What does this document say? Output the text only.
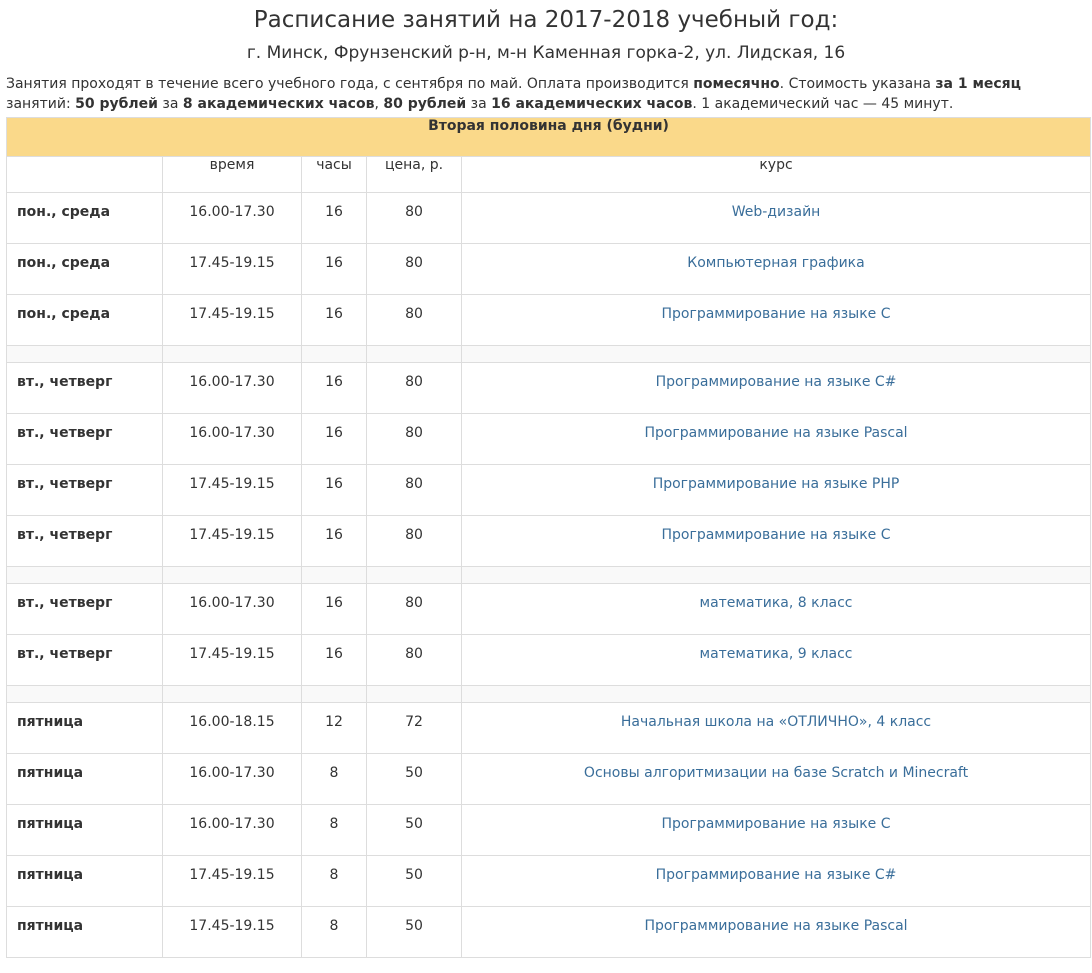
Расписание занятий на 2017-2018 учебный год:
г. Минск, Фрунзенский р-н, м-н Каменная горка-2, ул. Лидская, 16
Занятия проходят в течение всего учебного года, с сентября по май. Оплата производится помесячно. Стоимость указана за 1 месяц занятий: 50 рублей за 8 академических часов, 80 рублей за 16 академических часов. 1 академический час — 45 минут.
Вторая половина дня (будни)				
	время	часы	цена, р.	курс

пон., среда	16.00-17.30	16	80	Web-дизайн

пон., среда	17.45-19.15	16	80	Компьютерная графика

пон., среда	17.45-19.15	16	80	Программирование на языке С

вт., четверг	16.00-17.30	16	80	Программирование на языке С#

вт., четверг	16.00-17.30	16	80	Программирование на языке Pascal

вт., четверг	17.45-19.15	16	80	Программирование на языке PHP

вт., четверг	17.45-19.15	16	80	Программирование на языке С

вт., четверг	16.00-17.30	16	80	математика, 8 класс

вт., четверг	17.45-19.15	16	80	математика, 9 класс

пятница	16.00-18.15	12	72	Начальная школа на «ОТЛИЧНО», 4 класс

пятница	16.00-17.30	8	50	Основы алгоритмизации на базе Scratch и Minecraft

пятница	16.00-17.30	8	50	Программирование на языке С

пятница	17.45-19.15	8	50	Программирование на языке С#

пятница	17.45-19.15	8	50	Программирование на языке Pascal
